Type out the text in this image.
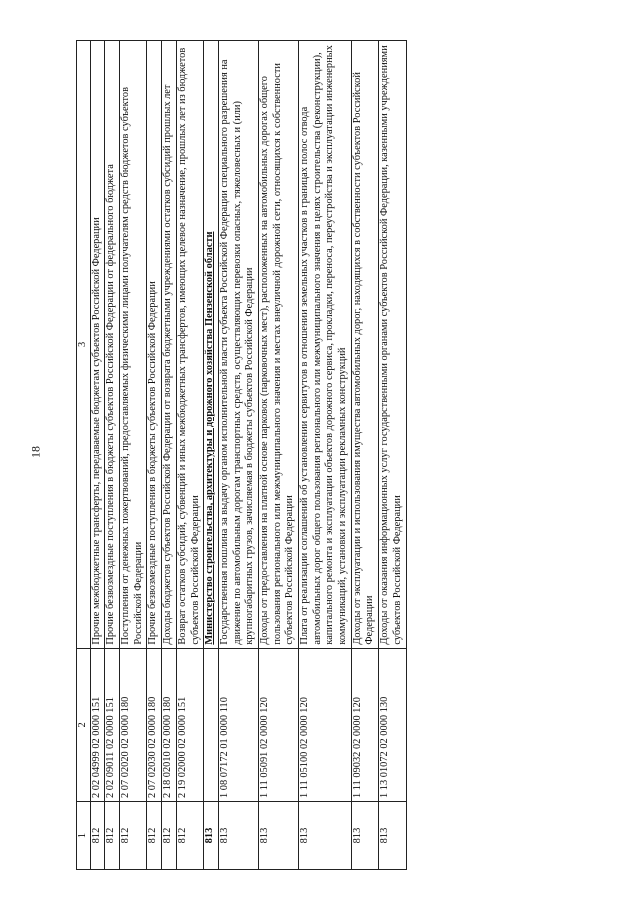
18
1	2	3
812	2 02 04999 02 0000 151	Прочие межбюджетные трансферты, передаваемые бюджетам субъектов Российской Федерации
812	2 02 09011 02 0000 151	Прочие безвозмездные поступления в бюджеты субъектов Российской Федерации от федерального бюджета
812	2 07 02020 02 0000 180	Поступления от денежных пожертвований, предоставляемых физическими лицами получателям средств бюджетов субъектов Российской Федерации
812	2 07 02030 02 0000 180	Прочие безвозмездные поступления в бюджеты субъектов Российской Федерации
812	2 18 02010 02 0000 180	Доходы бюджетов субъектов Российской Федерации от возврата бюджетными учреждениями остатков субсидий прошлых лет
812	2 19 02000 02 0000 151	Возврат остатков субсидий, субвенций и иных межбюджетных трансфертов, имеющих целевое назначение, прошлых лет из бюджетов субъектов Российской Федерации
813		Министерство строительства, архитектуры и дорожного хозяйства Пензенской области
813	1 08 07172 01 0000 110	Государственная пошлина за выдачу органом исполнительной власти субъекта Российской Федерации специального разрешения на движение по автомобильным дорогам транспортных средств, осуществляющих перевозки опасных, тяжеловесных и (или) крупногабаритных грузов, зачисляемая в бюджеты субъектов Российской Федерации
813	1 11 05091 02 0000 120	Доходы от предоставления на платной основе парковок (парковочных мест), расположенных на автомобильных дорогах общего пользования регионального или межмуниципального значения и местах внеуличной дорожной сети, относящихся к собственности субъектов Российской Федерации
813	1 11 05100 02 0000 120	Плата от реализации соглашений об установлении сервитутов в отношении земельных участков в границах полос отвода автомобильных дорог общего пользования регионального или межмуниципального значения в целях строительства (реконструкции), капитального ремонта и эксплуатации объектов дорожного сервиса, прокладки, переноса, переустройства и эксплуатации инженерных коммуникаций, установки и эксплуатации рекламных конструкций
813	1 11 09032 02 0000 120	Доходы от эксплуатации и использования имущества автомобильных дорог, находящихся в собственности субъектов Российской Федерации
813	1 13 01072 02 0000 130	Доходы от оказания информационных услуг государственными органами субъектов Российской Федерации, казенными учреждениями субъектов Российской Федерации
